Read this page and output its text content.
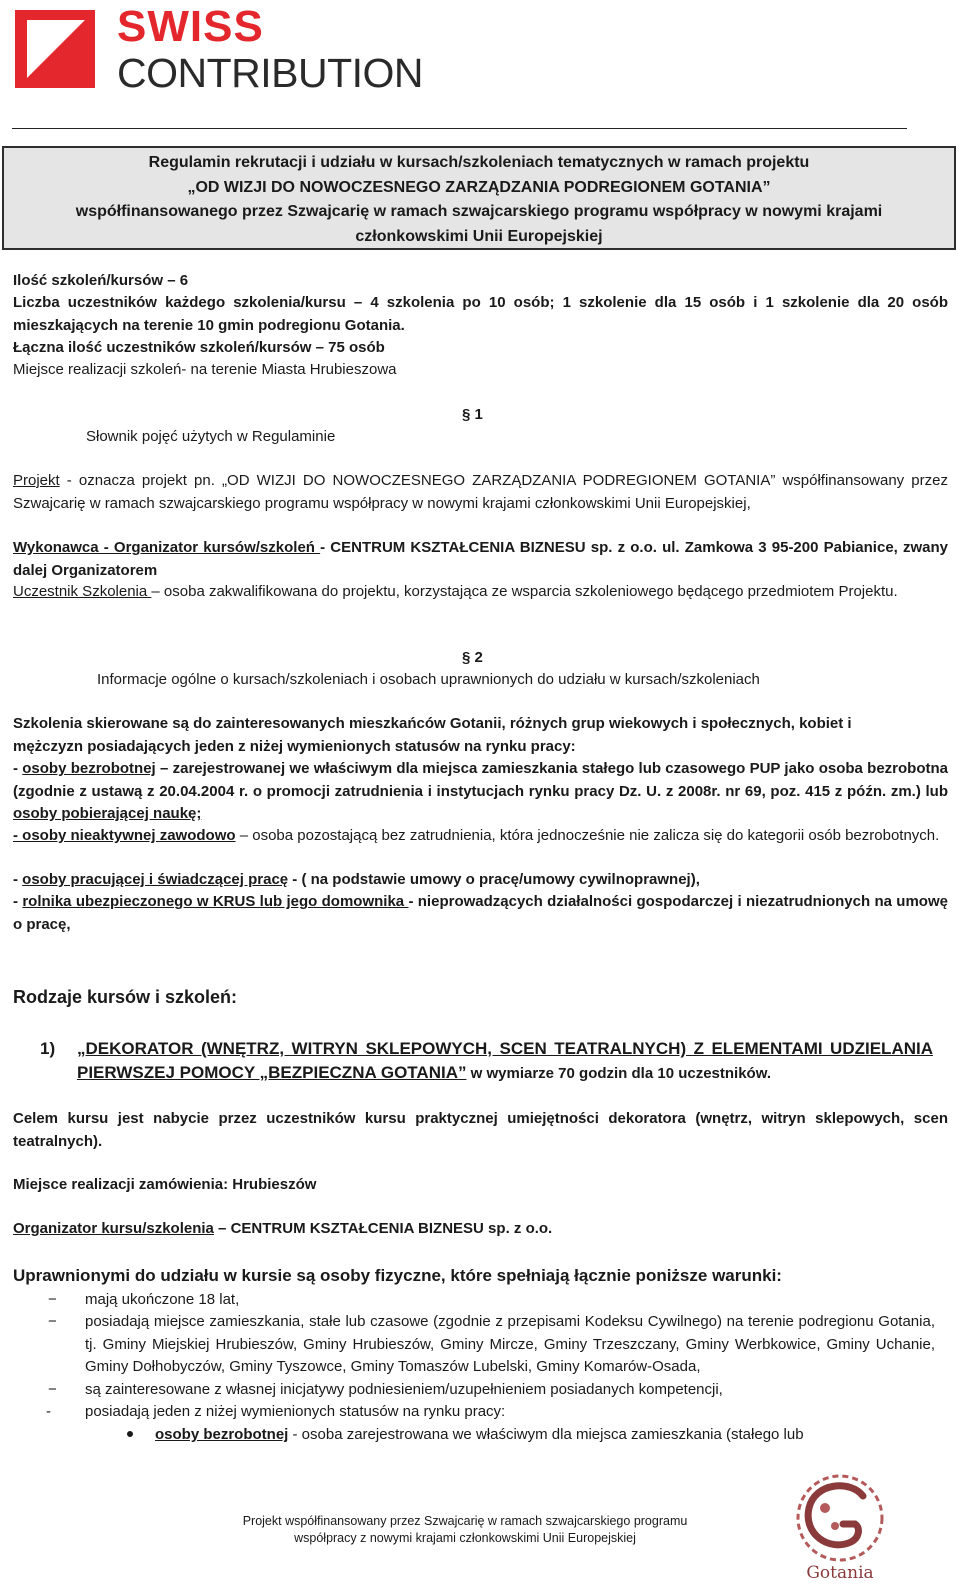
SWISS
CONTRIBUTION
Regulamin rekrutacji i udziału w kursach/szkoleniach tematycznych w ramach projektu
„OD WIZJI DO NOWOCZESNEGO ZARZĄDZANIA PODREGIONEM GOTANIA”
współfinansowanego przez Szwajcarię w ramach szwajcarskiego programu współpracy w nowymi krajami
członkowskimi Unii Europejskiej
Ilość szkoleń/kursów – 6
Liczba uczestników każdego szkolenia/kursu – 4 szkolenia po 10 osób; 1 szkolenie dla 15 osób i 1 szkolenie dla 20 osób mieszkających na terenie 10 gmin podregionu Gotania.
Łączna ilość uczestników szkoleń/kursów – 75 osób
Miejsce realizacji szkoleń- na terenie Miasta Hrubieszowa
§ 1
Słownik pojęć użytych w Regulaminie
Projekt - oznacza projekt pn. „OD WIZJI DO NOWOCZESNEGO ZARZĄDZANIA PODREGIONEM GOTANIA” współfinansowany przez Szwajcarię w ramach szwajcarskiego programu współpracy w nowymi krajami członkowskimi Unii Europejskiej,
Wykonawca - Organizator kursów/szkoleń - CENTRUM KSZTAŁCENIA BIZNESU sp. z o.o. ul. Zamkowa 3 95-200 Pabianice, zwany dalej Organizatorem
Uczestnik Szkolenia – osoba zakwalifikowana do projektu, korzystająca ze wsparcia szkoleniowego będącego przedmiotem Projektu.
§ 2
Informacje ogólne o kursach/szkoleniach i osobach uprawnionych do udziału w kursach/szkoleniach
Szkolenia skierowane są do zainteresowanych mieszkańców Gotanii, różnych grup wiekowych i społecznych, kobiet i mężczyzn posiadających jeden z niżej wymienionych statusów na rynku pracy:
- osoby bezrobotnej – zarejestrowanej we właściwym dla miejsca zamieszkania stałego lub czasowego PUP jako osoba bezrobotna (zgodnie z ustawą z 20.04.2004 r. o promocji zatrudnienia i instytucjach rynku pracy Dz. U. z 2008r. nr 69, poz. 415 z późn. zm.) lub osoby pobierającej naukę;
- osoby nieaktywnej zawodowo – osoba pozostającą bez zatrudnienia, która jednocześnie nie zalicza się do kategorii osób bezrobotnych.
- osoby pracującej i świadczącej pracę - ( na podstawie umowy o pracę/umowy cywilnoprawnej),
- rolnika ubezpieczonego w KRUS lub jego domownika - nieprowadzących działalności gospodarczej i niezatrudnionych na umowę o pracę,
Rodzaje kursów i szkoleń:
1) „DEKORATOR (WNĘTRZ, WITRYN SKLEPOWYCH, SCEN TEATRALNYCH) Z ELEMENTAMI UDZIELANIA PIERWSZEJ POMOCY „BEZPIECZNA GOTANIA” w wymiarze 70 godzin dla 10 uczestników.
Celem kursu jest nabycie przez uczestników kursu praktycznej umiejętności dekoratora (wnętrz, witryn sklepowych, scen teatralnych).
Miejsce realizacji zamówienia: Hrubieszów
Organizator kursu/szkolenia – CENTRUM KSZTAŁCENIA BIZNESU sp. z o.o.
Uprawnionymi do udziału w kursie są osoby fizyczne, które spełniają łącznie poniższe warunki:
− mają ukończone 18 lat,
− posiadają miejsce zamieszkania, stałe lub czasowe (zgodnie z przepisami Kodeksu Cywilnego) na terenie podregionu Gotania, tj. Gminy Miejskiej Hrubieszów, Gminy Hrubieszów, Gminy Mircze, Gminy Trzeszczany, Gminy Werbkowice, Gminy Uchanie, Gminy Dołhobyczów, Gminy Tyszowce, Gminy Tomaszów Lubelski, Gminy Komarów-Osada,
− są zainteresowane z własnej inicjatywy podniesieniem/uzupełnieniem posiadanych kompetencji,
- posiadają jeden z niżej wymienionych statusów na rynku pracy:
osoby bezrobotnej - osoba zarejestrowana we właściwym dla miejsca zamieszkania (stałego lub
Projekt współfinansowany przez Szwajcarię w ramach szwajcarskiego programu
współpracy z nowymi krajami członkowskimi Unii Europejskiej
Gotania
